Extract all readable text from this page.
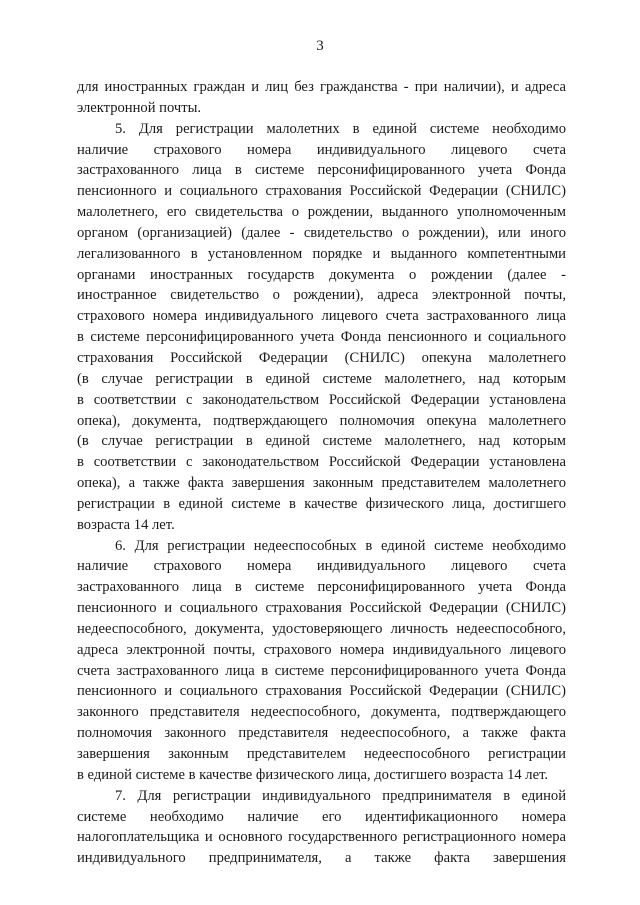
3
для иностранных граждан и лиц без гражданства - при наличии), и адреса
электронной почты.
5. Для регистрации малолетних в единой системе необходимо
наличие страхового номера индивидуального лицевого счета
застрахованного лица в системе персонифицированного учета Фонда
пенсионного и социального страхования Российской Федерации (СНИЛС)
малолетнего, его свидетельства о рождении, выданного уполномоченным
органом (организацией) (далее - свидетельство о рождении), или иного
легализованного в установленном порядке и выданного компетентными
органами иностранных государств документа о рождении (далее -
иностранное свидетельство о рождении), адреса электронной почты,
страхового номера индивидуального лицевого счета застрахованного лица
в системе персонифицированного учета Фонда пенсионного и социального
страхования Российской Федерации (СНИЛС) опекуна малолетнего
(в случае регистрации в единой системе малолетнего, над которым
в соответствии с законодательством Российской Федерации установлена
опека), документа, подтверждающего полномочия опекуна малолетнего
(в случае регистрации в единой системе малолетнего, над которым
в соответствии с законодательством Российской Федерации установлена
опека), а также факта завершения законным представителем малолетнего
регистрации в единой системе в качестве физического лица, достигшего
возраста 14 лет.
6. Для регистрации недееспособных в единой системе необходимо
наличие страхового номера индивидуального лицевого счета
застрахованного лица в системе персонифицированного учета Фонда
пенсионного и социального страхования Российской Федерации (СНИЛС)
недееспособного, документа, удостоверяющего личность недееспособного,
адреса электронной почты, страхового номера индивидуального лицевого
счета застрахованного лица в системе персонифицированного учета Фонда
пенсионного и социального страхования Российской Федерации (СНИЛС)
законного представителя недееспособного, документа, подтверждающего
полномочия законного представителя недееспособного, а также факта
завершения законным представителем недееспособного регистрации
в единой системе в качестве физического лица, достигшего возраста 14 лет.
7. Для регистрации индивидуального предпринимателя в единой
системе необходимо наличие его идентификационного номера
налогоплательщика и основного государственного регистрационного номера
индивидуального предпринимателя, а также факта завершения
